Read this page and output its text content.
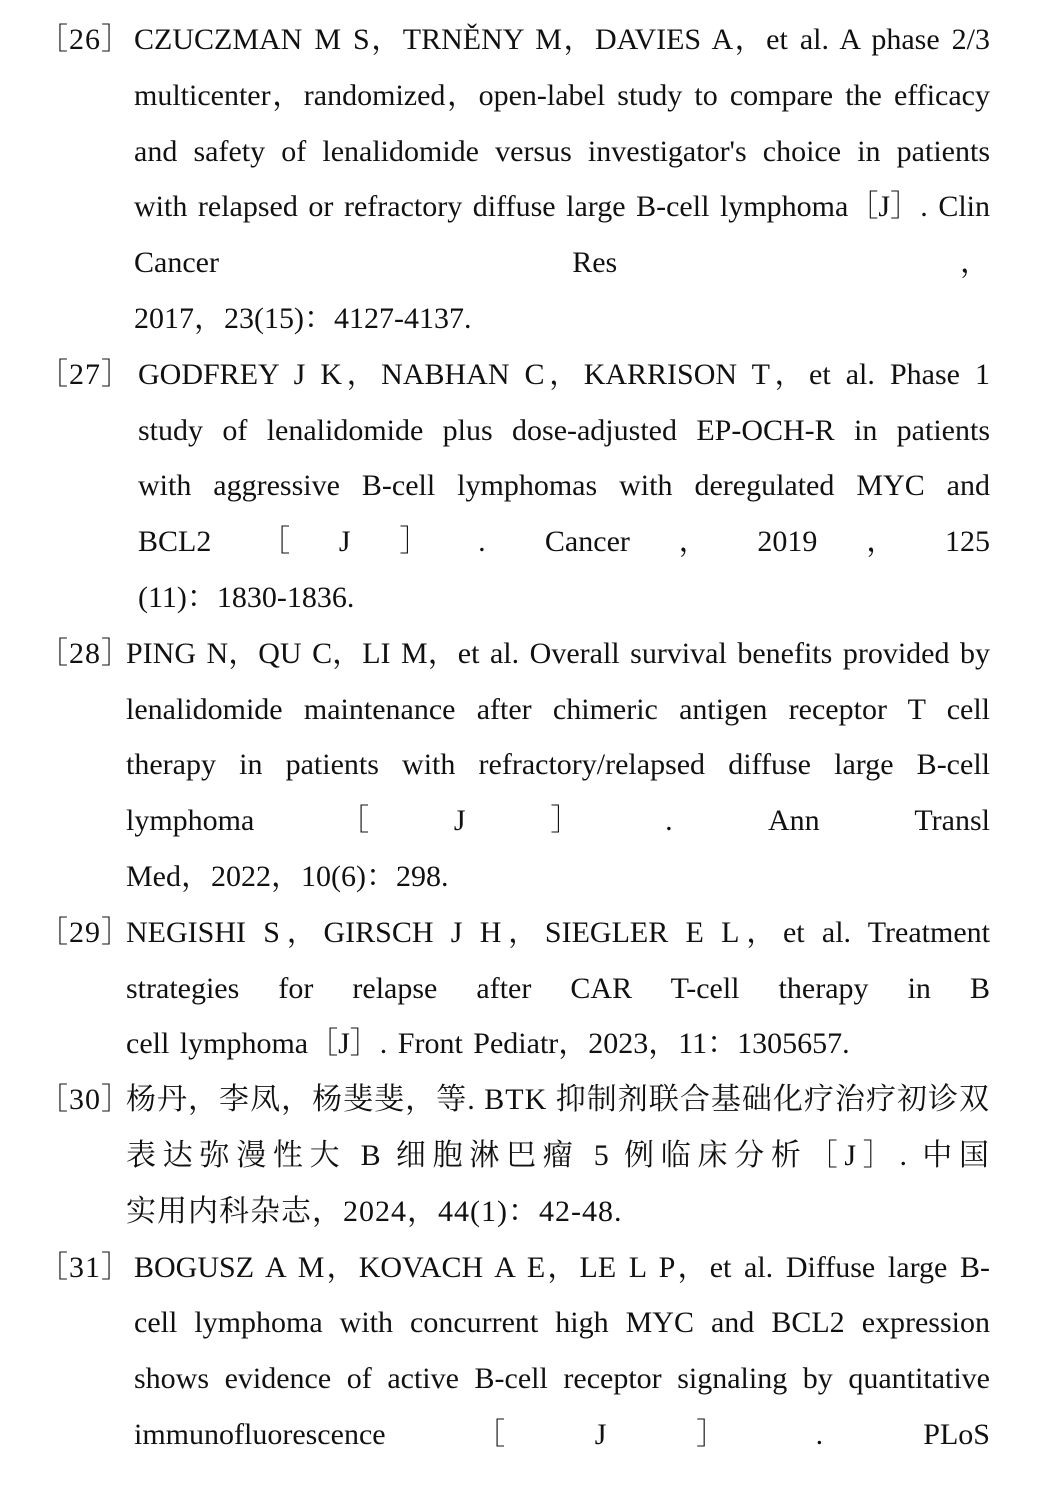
［26］ CZUCZMAN M S，TRNĚNY M，DAVIES A，et al. A phase 2/3 multicenter，randomized，open-label study to compare the efficacy and safety of lenalidomide versus investigator's choice in patients with relapsed or refractory diffuse large B-cell lymphoma［J］. Clin Cancer Res，
2017，23(15)：4127-4137.
［27］ GODFREY J K，NABHAN C，KARRISON T，et al. Phase 1 study of lenalidomide plus dose-adjusted EP-OCH-R in patients with aggressive B-cell lymphomas with deregulated MYC and BCL2［J］. Cancer，2019，125
(11)：1830-1836.
［28］
PING N，QU C，LI M，et al. Overall survival benefits provided by lenalidomide maintenance after chimeric antigen receptor T cell therapy in patients with refractory/relapsed diffuse large B-cell lymphoma［J］. Ann Transl
Med，2022，10(6)：298.
［29］
NEGISHI S，GIRSCH J H，SIEGLER E L，et al. Treatment strategies for relapse after CAR T-cell therapy in B
cell lymphoma［J］. Front Pediatr，2023，11：1305657.
［30］
杨丹，李凤，杨斐斐，等. BTK 抑制剂联合基础化疗治疗初诊双表达弥漫性大 B 细胞淋巴瘤 5 例临床分析［J］. 中国
实用内科杂志，2024，44(1)：42-48.
［31］ BOGUSZ A M，KOVACH A E，LE L P，et al. Diffuse large B-cell lymphoma with concurrent high MYC and BCL2 expression shows evidence of active B-cell receptor signaling by quantitative immunofluorescence［J］. PLoS
